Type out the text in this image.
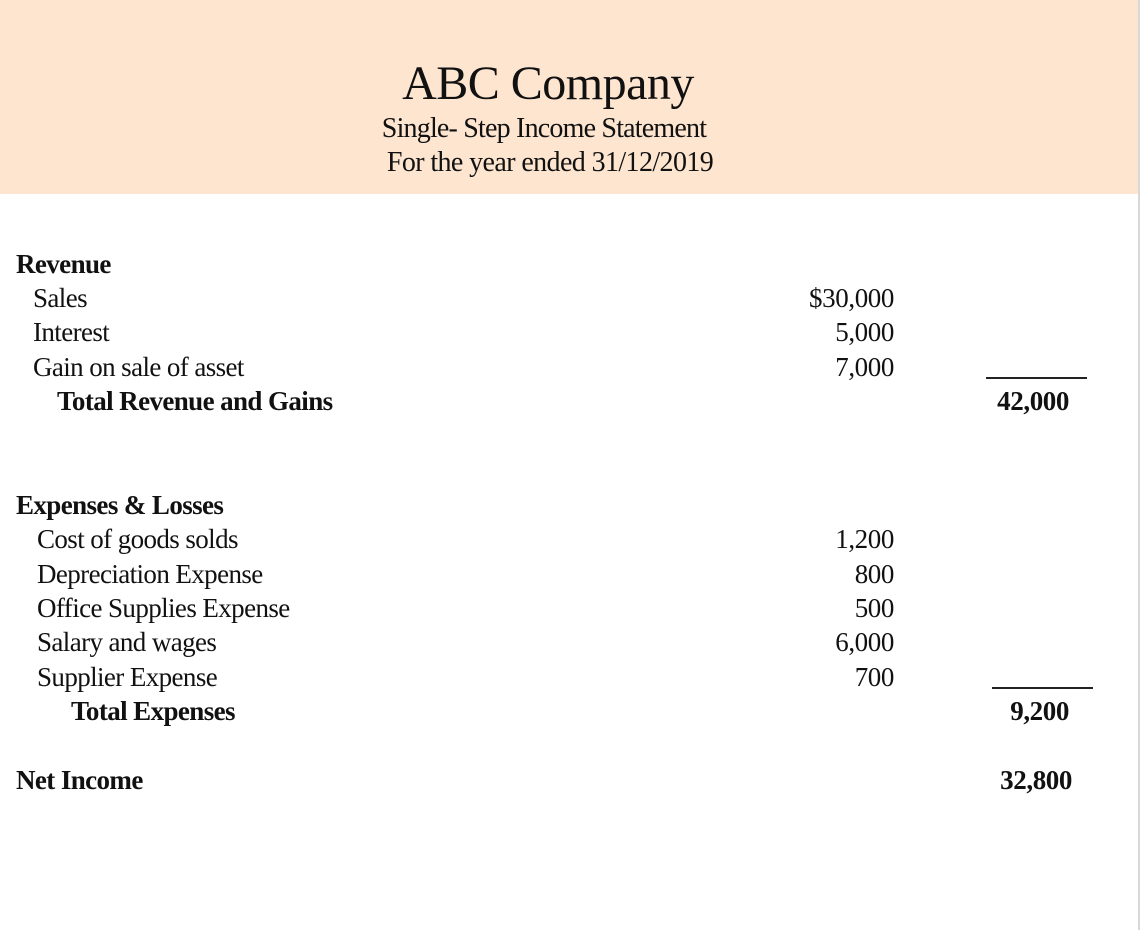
ABC Company
Single- Step Income Statement
For the year ended 31/12/2019
Revenue
Sales	$30,000
Interest	5,000
Gain on sale of asset	7,000
Total Revenue and Gains	42,000
Expenses & Losses
Cost of goods solds	1,200
Depreciation Expense	800
Office Supplies Expense	500
Salary and wages	6,000
Supplier Expense	700
Total Expenses	9,200
Net Income	32,800
